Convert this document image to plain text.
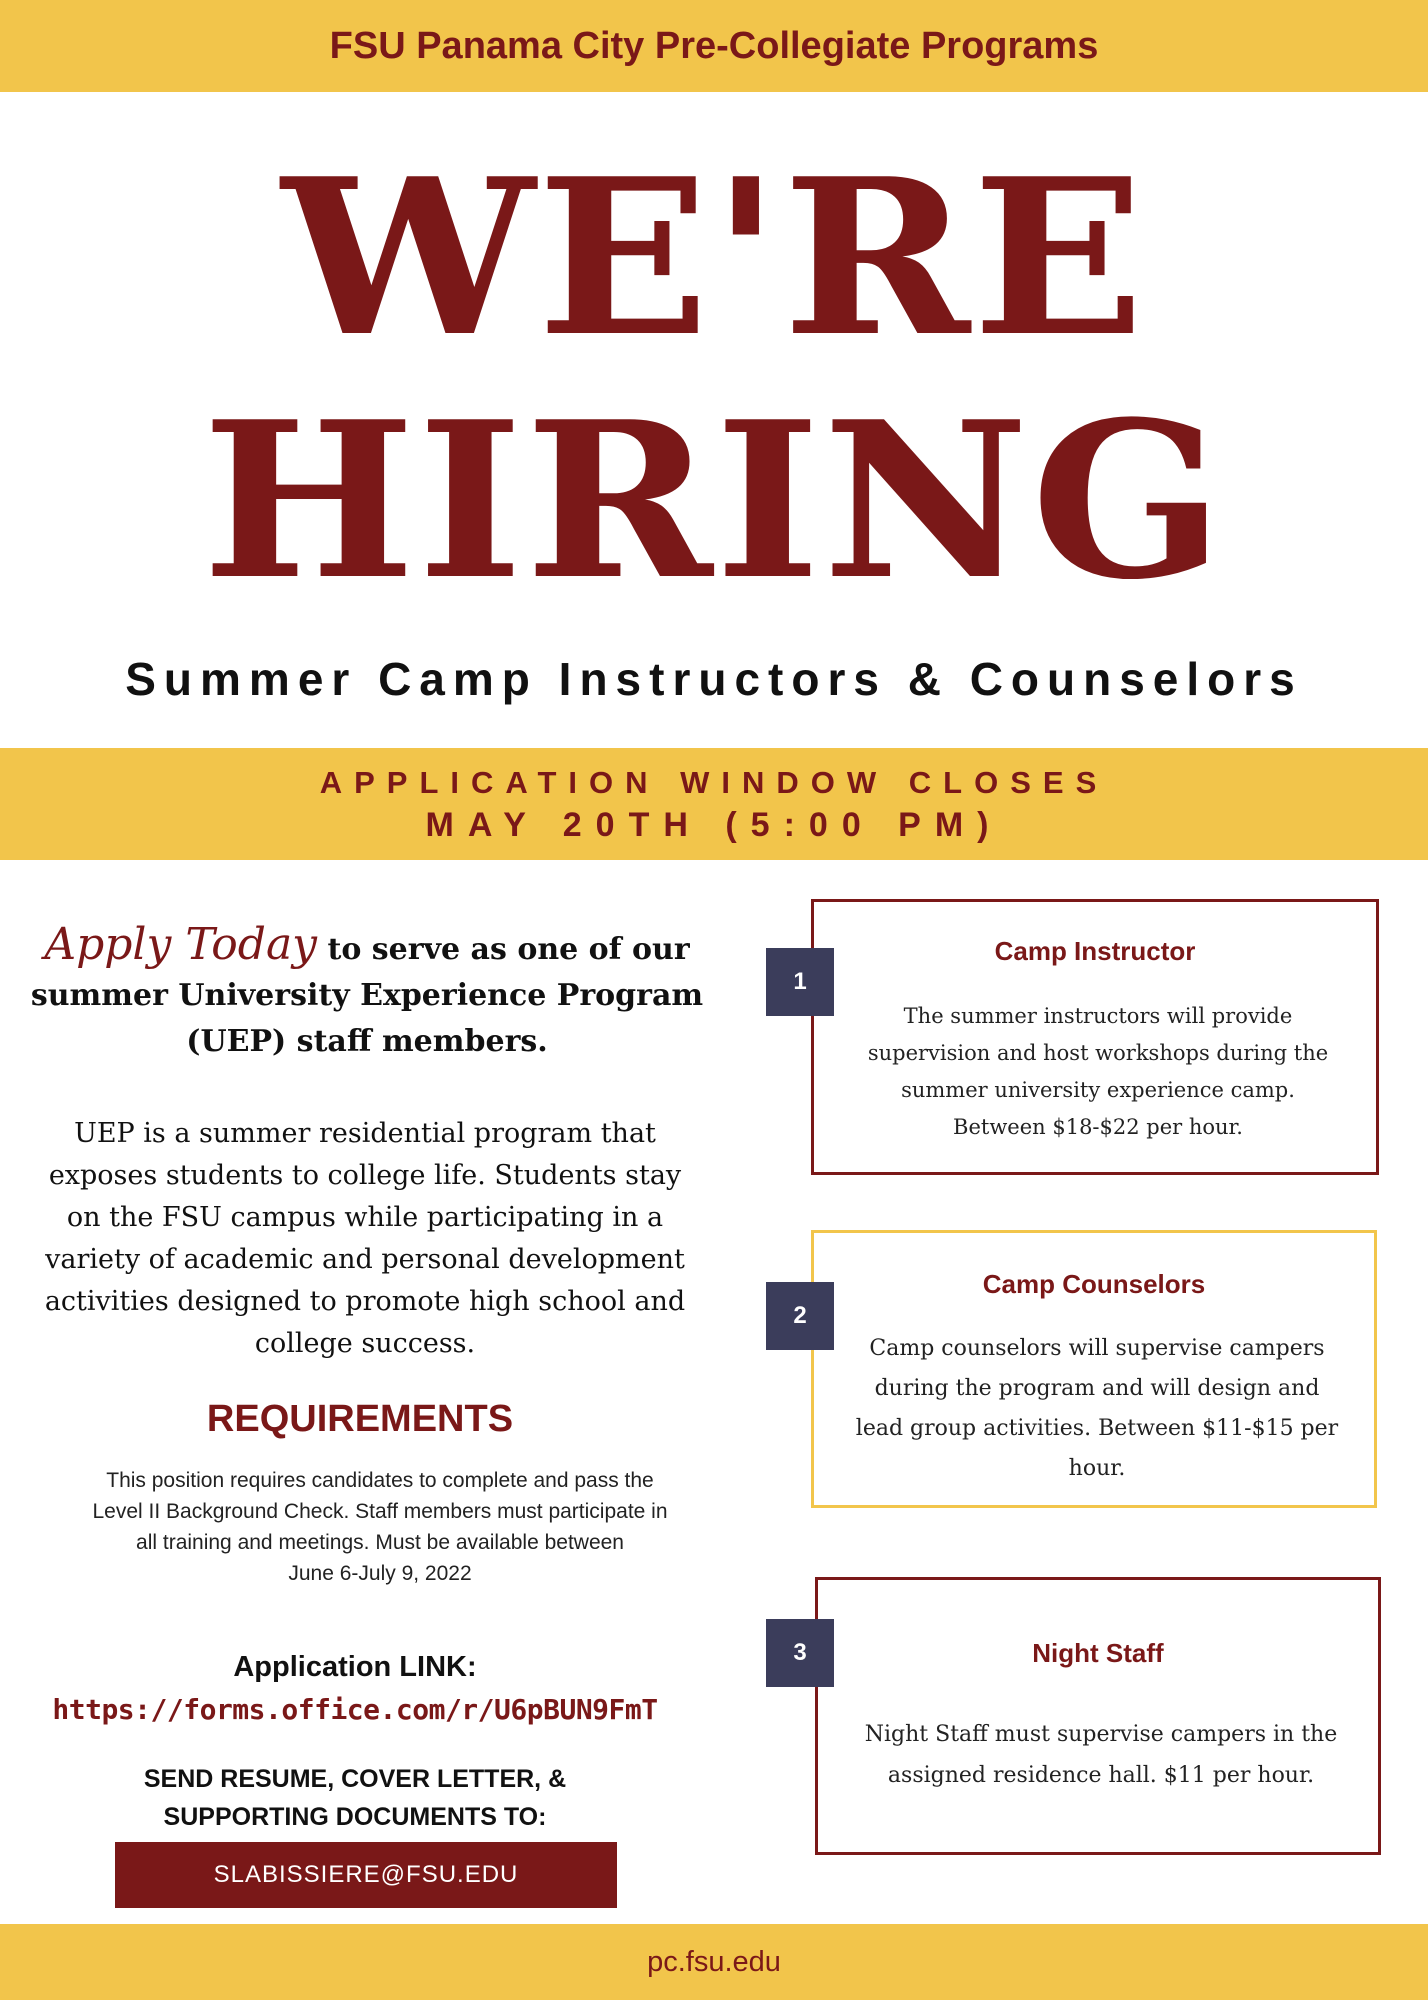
FSU Panama City Pre-Collegiate Programs
WE'RE
HIRING
Summer Camp Instructors & Counselors
APPLICATION WINDOW CLOSES
MAY 20TH (5:00 PM)
Apply Today to serve as one of our
summer University Experience Program
(UEP) staff members.
UEP is a summer residential program that exposes students to college life. Students stay on the FSU campus while participating in a variety of academic and personal development activities designed to promote high school and college success.
REQUIREMENTS
This position requires candidates to complete and pass the Level II Background Check. Staff members must participate in all training and meetings. Must be available between
June 6-July 9, 2022
Application LINK:
https://forms.office.com/r/U6pBUN9FmT
SEND RESUME, COVER LETTER, &
SUPPORTING DOCUMENTS TO:
SLABISSIERE@FSU.EDU
Camp Instructor
The summer instructors will provide supervision and host workshops during the summer university experience camp.
Between $18-$22 per hour.
1
Camp Counselors
Camp counselors will supervise campers during the program and will design and lead group activities. Between $11-$15 per hour.
2
Night Staff
Night Staff must supervise campers in the assigned residence hall. $11 per hour.
3
pc.fsu.edu
